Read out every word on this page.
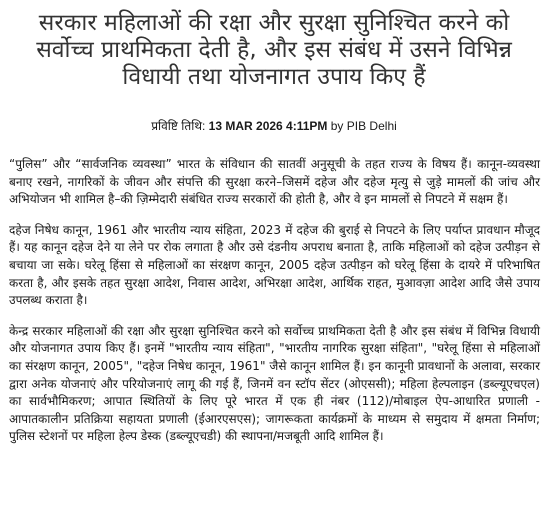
सरकार महिलाओं की रक्षा और सुरक्षा सुनिश्चित करने को सर्वोच्च प्राथमिकता देती है, और इस संबंध में उसने विभिन्न विधायी तथा योजनागत उपाय किए हैं
प्रविष्टि तिथि: 13 MAR 2026 4:11PM by PIB Delhi

“पुलिस” और “सार्वजनिक व्यवस्था” भारत के संविधान की सातवीं अनुसूची के तहत राज्य के विषय हैं। कानून-व्यवस्था बनाए रखने, नागरिकों के जीवन और संपत्ति की सुरक्षा करने–जिसमें दहेज और दहेज मृत्यु से जुड़े मामलों की जांच और अभियोजन भी शामिल है–की ज़िम्मेदारी संबंधित राज्य सरकारों की होती है, और वे इन मामलों से निपटने में सक्षम हैं।

दहेज निषेध कानून, 1961 और भारतीय न्याय संहिता, 2023 में दहेज की बुराई से निपटने के लिए पर्याप्त प्रावधान मौजूद हैं। यह कानून दहेज देने या लेने पर रोक लगाता है और उसे दंडनीय अपराध बनाता है, ताकि महिलाओं को दहेज उत्पीड़न से बचाया जा सके। घरेलू हिंसा से महिलाओं का संरक्षण कानून, 2005 दहेज उत्पीड़न को घरेलू हिंसा के दायरे में परिभाषित करता है, और इसके तहत सुरक्षा आदेश, निवास आदेश, अभिरक्षा आदेश, आर्थिक राहत, मुआवज़ा आदेश आदि जैसे उपाय उपलब्ध कराता है।

केन्द्र सरकार महिलाओं की रक्षा और सुरक्षा सुनिश्चित करने को सर्वोच्च प्राथमिकता देती है और इस संबंध में विभिन्न विधायी और योजनागत उपाय किए हैं। इनमें "भारतीय न्याय संहिता", "भारतीय नागरिक सुरक्षा संहिता", "घरेलू हिंसा से महिलाओं का संरक्षण कानून, 2005", "दहेज निषेध कानून, 1961" जैसे कानून शामिल हैं। इन कानूनी प्रावधानों के अलावा, सरकार द्वारा अनेक योजनाएं और परियोजनाएं लागू की गई हैं, जिनमें वन स्टॉप सेंटर (ओएससी); महिला हेल्पलाइन (डब्ल्यूएचएल) का सार्वभौमिकरण; आपात स्थितियों के लिए पूरे भारत में एक ही नंबर (112)/मोबाइल ऐप-आधारित प्रणाली - आपातकालीन प्रतिक्रिया सहायता प्रणाली (ईआरएसएस); जागरूकता कार्यक्रमों के माध्यम से समुदाय में क्षमता निर्माण; पुलिस स्टेशनों पर महिला हेल्प डेस्क (डब्ल्यूएचडी) की स्थापना/मजबूती आदि शामिल हैं।
